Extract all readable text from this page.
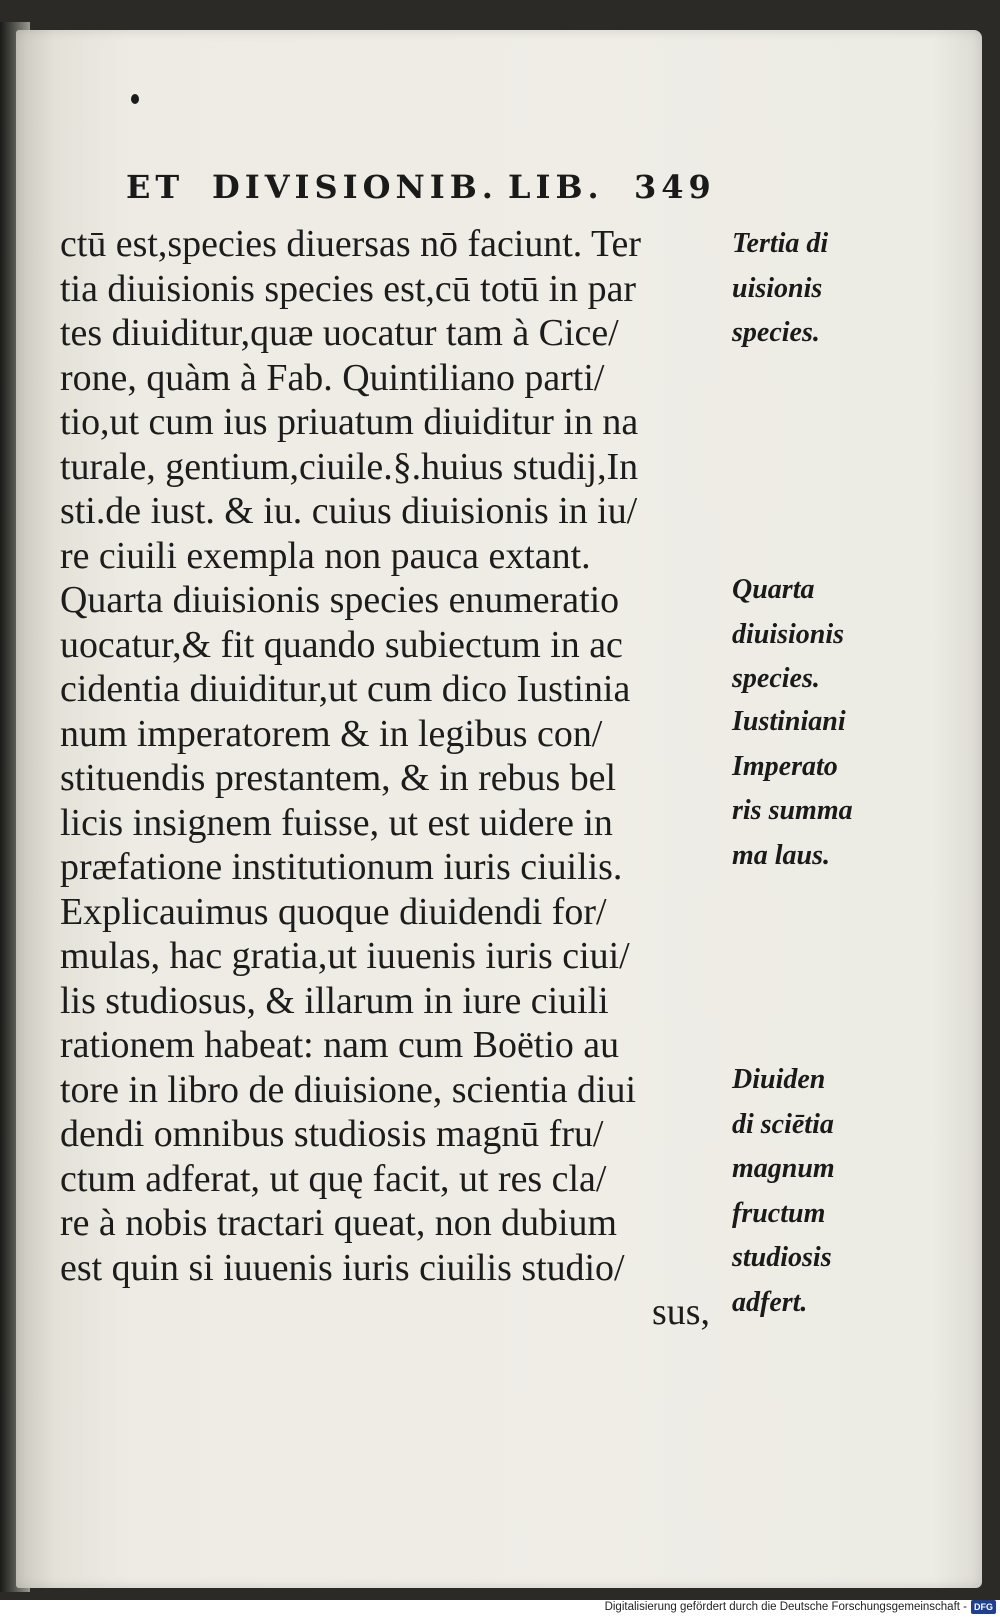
ET DIVISIONIB. LIB. 349
ctū est,species diuersas nō faciunt. Ter
tia diuisionis species est,cū totū in par
tes diuiditur,quæ uocatur tam à Cice/
rone, quàm à Fab. Quintiliano parti/
tio,ut cum ius priuatum diuiditur in na
turale, gentium,ciuile.§.huius studij,In
sti.de iust. & iu. cuius diuisionis in iu/
re ciuili exempla non pauca extant.
Quarta diuisionis species enumeratio
uocatur,& fit quando subiectum in ac
cidentia diuiditur,ut cum dico Iustinia
num imperatorem & in legibus con/
stituendis prestantem, & in rebus bel
licis insignem fuisse, ut est uidere in
præfatione institutionum iuris ciuilis.
Explicauimus quoque diuidendi for/
mulas, hac gratia,ut iuuenis iuris ciui/
lis studiosus, & illarum in iure ciuili
rationem habeat: nam cum Boëtio au
tore in libro de diuisione, scientia diui
dendi omnibus studiosis magnū fru/
ctum adferat, ut quę facit, ut res cla/
re à nobis tractari queat, non dubium
est quin si iuuenis iuris ciuilis studio/
sus,
Tertia di
uisionis
species.
Quarta
diuisionis
species.
Iustiniani
Imperato
ris summa
ma laus.
Diuiden
di sciētia
magnum
fructum
studiosis
adfert.
Digitalisierung gefördert durch die Deutsche Forschungsgemeinschaft - DFG
